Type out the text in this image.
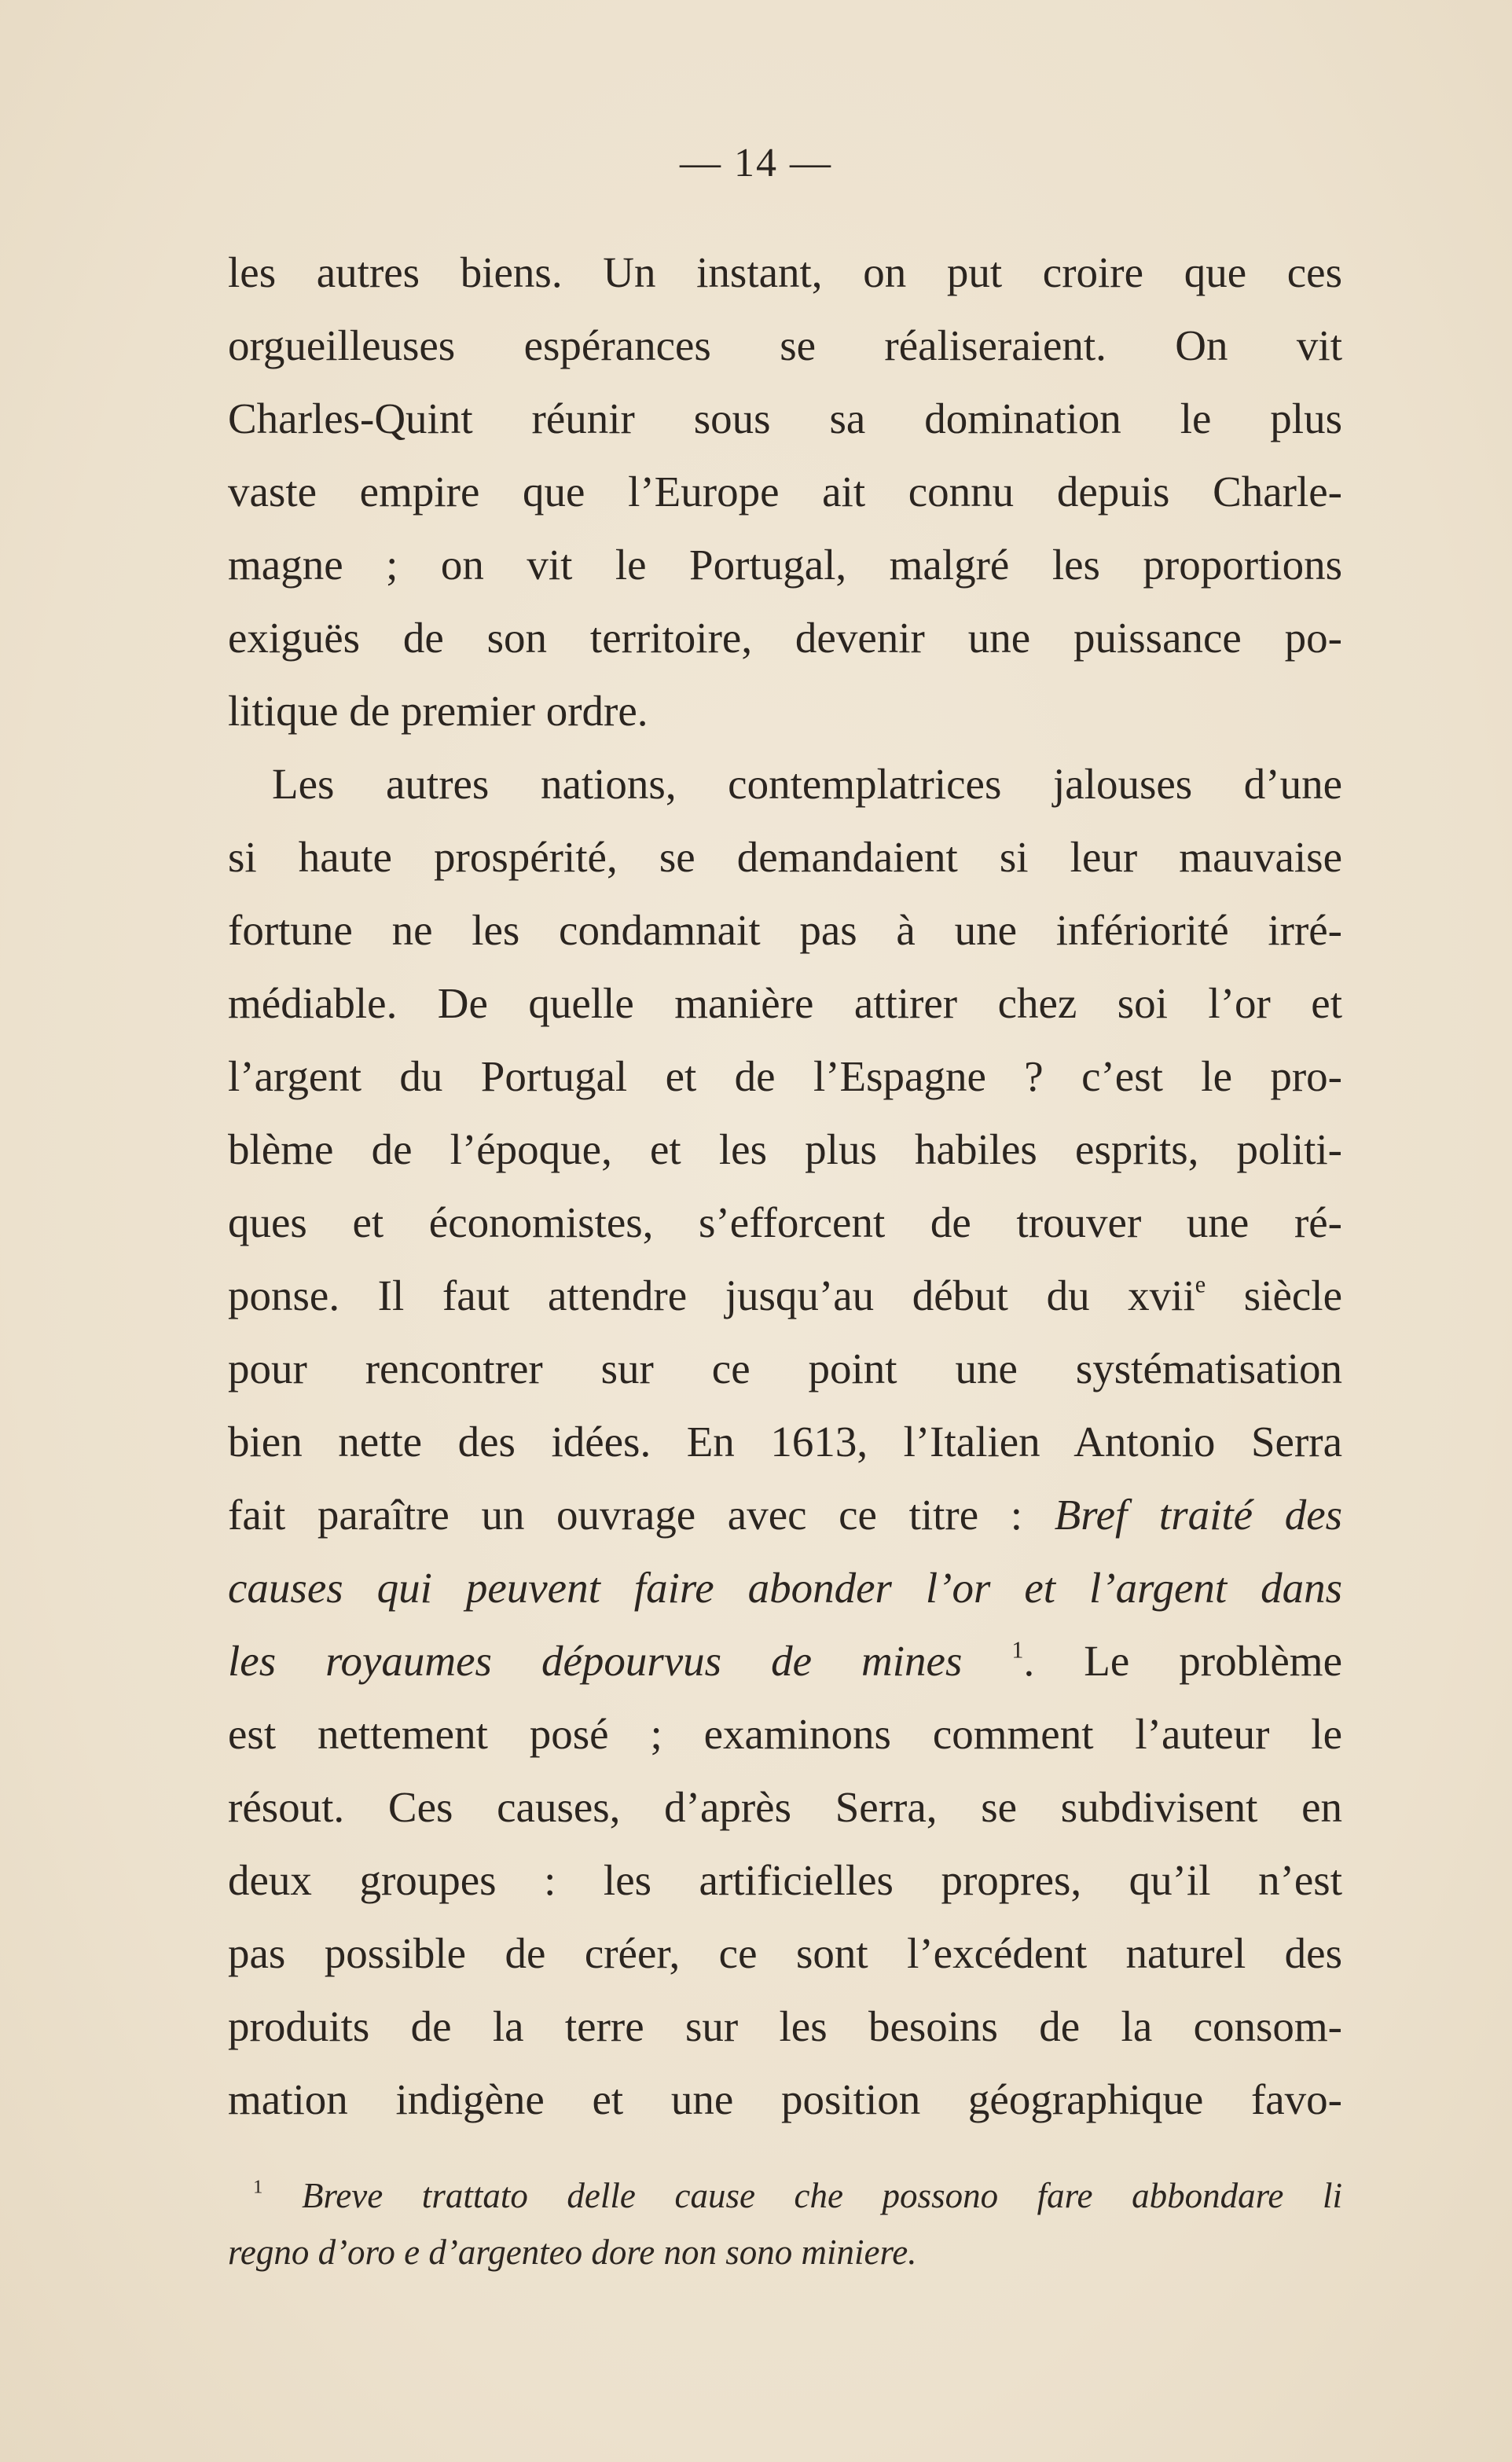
— 14 —
les autres biens. Un instant, on put croire que ces
orgueilleuses espérances se réaliseraient. On vit
Charles-Quint réunir sous sa domination le plus
vaste empire que l’Europe ait connu depuis Charle-
magne ; on vit le Portugal, malgré les proportions
exiguës de son territoire, devenir une puissance po-
litique de premier ordre.
Les autres nations, contemplatrices jalouses d’une
si haute prospérité, se demandaient si leur mauvaise
fortune ne les condamnait pas à une infériorité irré-
médiable. De quelle manière attirer chez soi l’or et
l’argent du Portugal et de l’Espagne ? c’est le pro-
blème de l’époque, et les plus habiles esprits, politi-
ques et économistes, s’efforcent de trouver une ré-
ponse. Il faut attendre jusqu’au début du xvii$^e$ siècle
pour rencontrer sur ce point une systématisation
bien nette des idées. En 1613, l’Italien Antonio Serra
fait paraître un ouvrage avec ce titre : Bref traité des
causes qui peuvent faire abonder l’or et l’argent dans
les royaumes dépourvus de mines $^1$. Le problème
est nettement posé ; examinons comment l’auteur le
résout. Ces causes, d’après Serra, se subdivisent en
deux groupes : les artificielles propres, qu’il n’est
pas possible de créer, ce sont l’excédent naturel des
produits de la terre sur les besoins de la consom-
mation indigène et une position géographique favo-
$^1$ Breve trattato delle cause che possono fare abbondare li
regno d’oro e d’argenteo dore non sono miniere.
